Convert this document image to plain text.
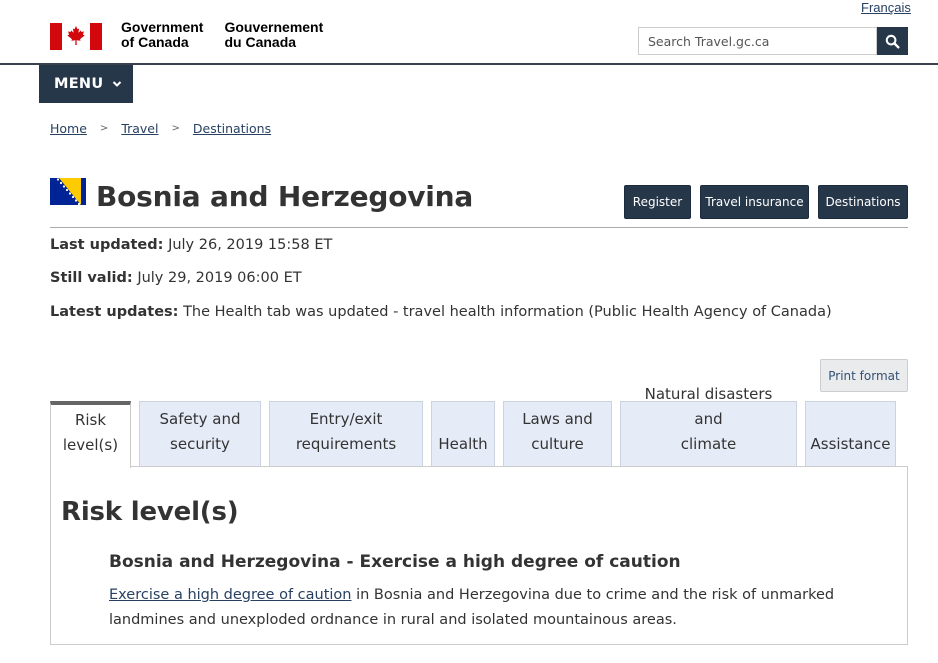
Français
Government
of Canada
Gouvernement
du Canada
Search Travel.gc.ca
MENU
Home > Travel > Destinations
Bosnia and Herzegovina	Register	Travel insurance	Destinations
Last updated: July 26, 2019 15:58 ET
Still valid: July 29, 2019 06:00 ET
Latest updates: The Health tab was updated - travel health information (Public Health Agency of Canada)
Print format
Risk
level(s)
Safety and
security
Entry/exit
requirements	Health
Laws and
culture
Natural disasters and
climate	Assistance
Risk level(s)
Bosnia and Herzegovina - Exercise a high degree of caution

Exercise a high degree of caution in Bosnia and Herzegovina due to crime and the risk of unmarked landmines and unexploded ordnance in rural and isolated mountainous areas.
